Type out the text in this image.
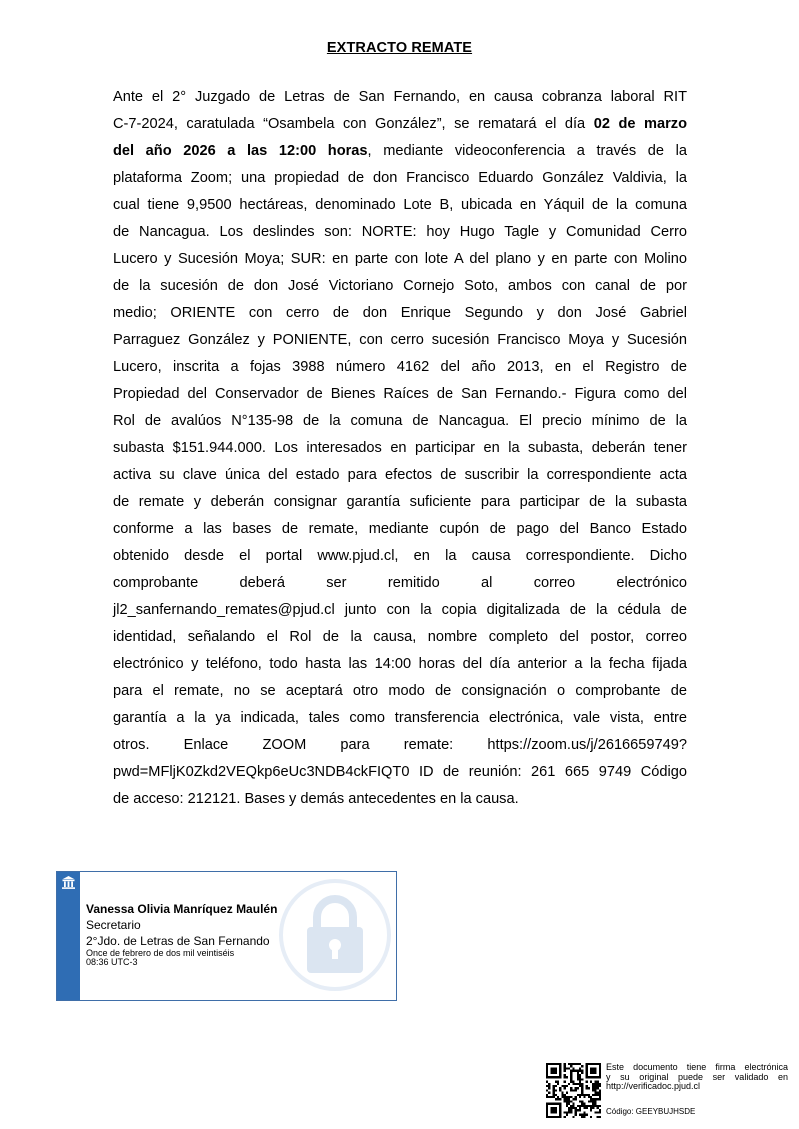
EXTRACTO REMATE
Ante el 2° Juzgado de Letras de San Fernando, en causa cobranza laboral RIT
C-7-2024, caratulada “Osambela con González”, se rematará el día 02 de marzo
del año 2026 a las 12:00 horas, mediante videoconferencia a través de la
plataforma Zoom; una propiedad de don Francisco Eduardo González Valdivia, la
cual tiene 9,9500 hectáreas, denominado Lote B, ubicada en Yáquil de la comuna
de Nancagua. Los deslindes son: NORTE: hoy Hugo Tagle y Comunidad Cerro
Lucero y Sucesión Moya; SUR: en parte con lote A del plano y en parte con Molino
de la sucesión de don José Victoriano Cornejo Soto, ambos con canal de por
medio; ORIENTE con cerro de don Enrique Segundo y don José Gabriel
Parraguez González y PONIENTE, con cerro sucesión Francisco Moya y Sucesión
Lucero, inscrita a fojas 3988 número 4162 del año 2013, en el Registro de
Propiedad del Conservador de Bienes Raíces de San Fernando.- Figura como del
Rol de avalúos N°135-98 de la comuna de Nancagua. El precio mínimo de la
subasta $151.944.000. Los interesados en participar en la subasta, deberán tener
activa su clave única del estado para efectos de suscribir la correspondiente acta
de remate y deberán consignar garantía suficiente para participar de la subasta
conforme a las bases de remate, mediante cupón de pago del Banco Estado
obtenido desde el portal www.pjud.cl, en la causa correspondiente. Dicho
comprobante deberá ser remitido al correo electrónico
jl2_sanfernando_remates@pjud.cl junto con la copia digitalizada de la cédula de
identidad, señalando el Rol de la causa, nombre completo del postor, correo
electrónico y teléfono, todo hasta las 14:00 horas del día anterior a la fecha fijada
para el remate, no se aceptará otro modo de consignación o comprobante de
garantía a la ya indicada, tales como transferencia electrónica, vale vista, entre
otros. Enlace ZOOM para remate: https://zoom.us/j/2616659749?
pwd=MFljK0Zkd2VEQkp6eUc3NDB4ckFIQT0 ID de reunión: 261 665 9749 Código
de acceso: 212121. Bases y demás antecedentes en la causa.
Vanessa Olivia Manríquez Maulén
Secretario
2°Jdo. de Letras de San Fernando
Once de febrero de dos mil veintiséis
08:36 UTC-3
Este documento tiene firma electrónica
y su original puede ser validado en
http://verificadoc.pjud.cl
Código: GEEYBUJHSDE
